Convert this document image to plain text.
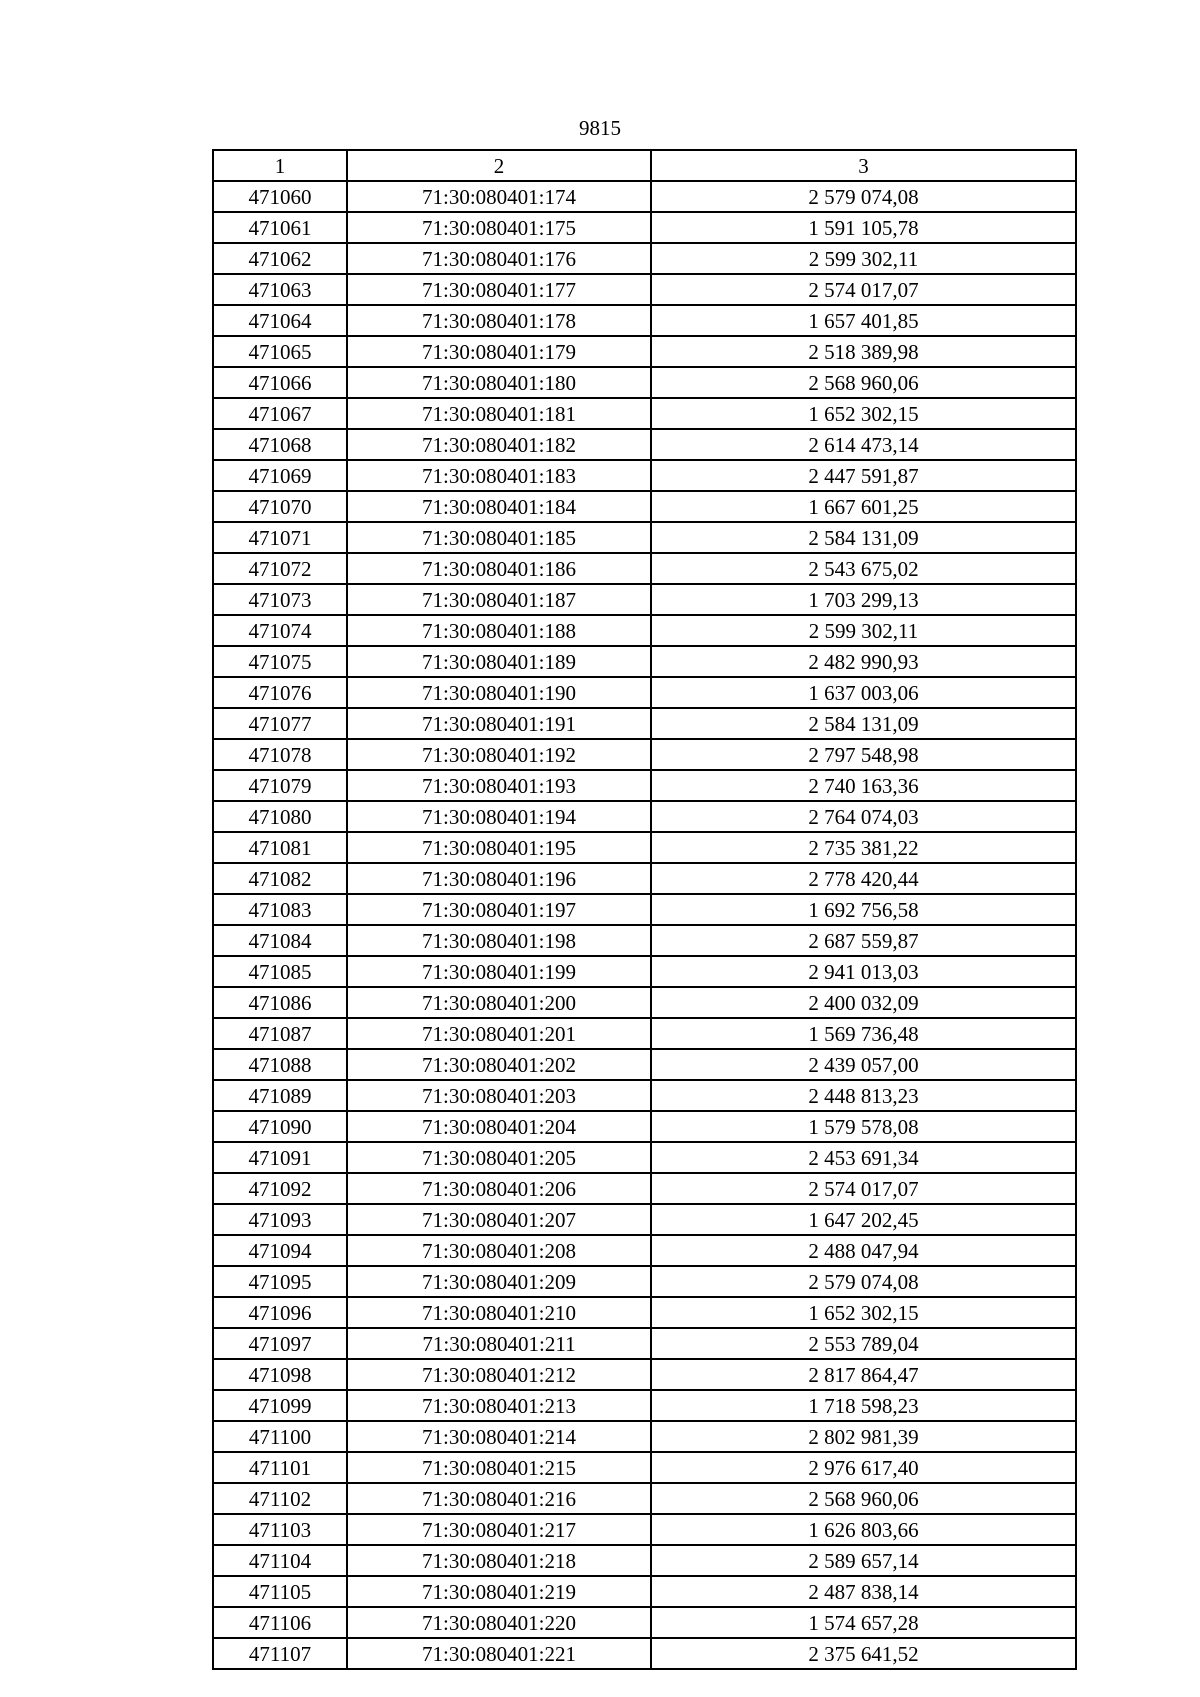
9815
1	2	3
471060	71:30:080401:174	2 579 074,08
471061	71:30:080401:175	1 591 105,78
471062	71:30:080401:176	2 599 302,11
471063	71:30:080401:177	2 574 017,07
471064	71:30:080401:178	1 657 401,85
471065	71:30:080401:179	2 518 389,98
471066	71:30:080401:180	2 568 960,06
471067	71:30:080401:181	1 652 302,15
471068	71:30:080401:182	2 614 473,14
471069	71:30:080401:183	2 447 591,87
471070	71:30:080401:184	1 667 601,25
471071	71:30:080401:185	2 584 131,09
471072	71:30:080401:186	2 543 675,02
471073	71:30:080401:187	1 703 299,13
471074	71:30:080401:188	2 599 302,11
471075	71:30:080401:189	2 482 990,93
471076	71:30:080401:190	1 637 003,06
471077	71:30:080401:191	2 584 131,09
471078	71:30:080401:192	2 797 548,98
471079	71:30:080401:193	2 740 163,36
471080	71:30:080401:194	2 764 074,03
471081	71:30:080401:195	2 735 381,22
471082	71:30:080401:196	2 778 420,44
471083	71:30:080401:197	1 692 756,58
471084	71:30:080401:198	2 687 559,87
471085	71:30:080401:199	2 941 013,03
471086	71:30:080401:200	2 400 032,09
471087	71:30:080401:201	1 569 736,48
471088	71:30:080401:202	2 439 057,00
471089	71:30:080401:203	2 448 813,23
471090	71:30:080401:204	1 579 578,08
471091	71:30:080401:205	2 453 691,34
471092	71:30:080401:206	2 574 017,07
471093	71:30:080401:207	1 647 202,45
471094	71:30:080401:208	2 488 047,94
471095	71:30:080401:209	2 579 074,08
471096	71:30:080401:210	1 652 302,15
471097	71:30:080401:211	2 553 789,04
471098	71:30:080401:212	2 817 864,47
471099	71:30:080401:213	1 718 598,23
471100	71:30:080401:214	2 802 981,39
471101	71:30:080401:215	2 976 617,40
471102	71:30:080401:216	2 568 960,06
471103	71:30:080401:217	1 626 803,66
471104	71:30:080401:218	2 589 657,14
471105	71:30:080401:219	2 487 838,14
471106	71:30:080401:220	1 574 657,28
471107	71:30:080401:221	2 375 641,52
